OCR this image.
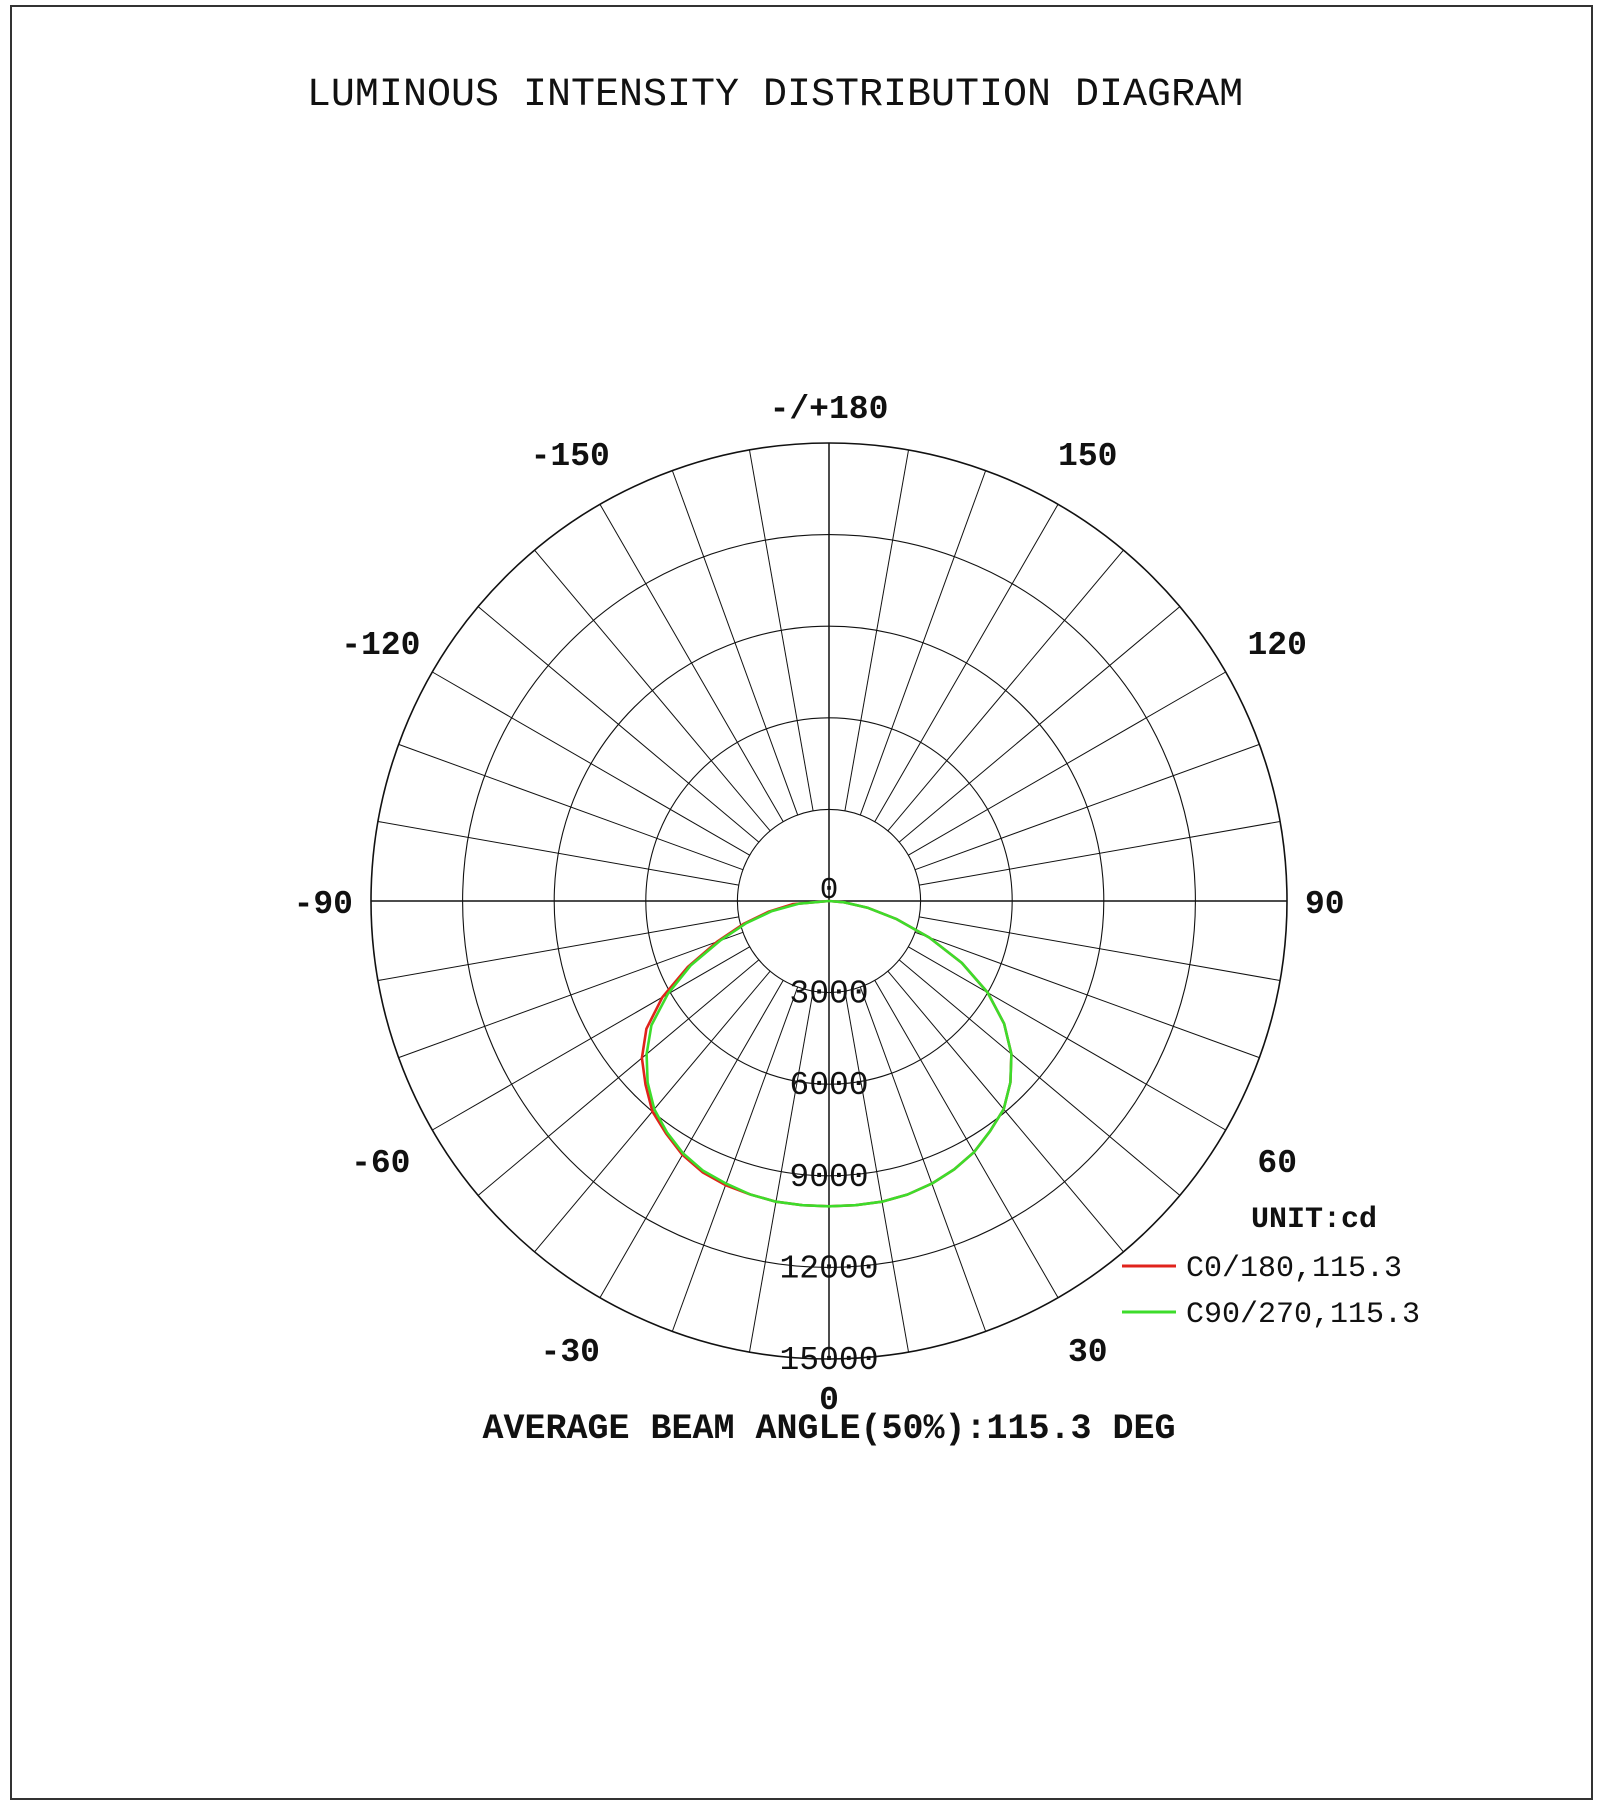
LUMINOUS INTENSITY DISTRIBUTION DIAGRAM
-/+180
-150	150
-120	120
-90	90
-60	60
-30	30
0
0
3000
6000
9000
12000
15000
UNIT:cd
C0/180,115.3
C90/270,115.3
AVERAGE BEAM ANGLE(50%):115.3 DEG
